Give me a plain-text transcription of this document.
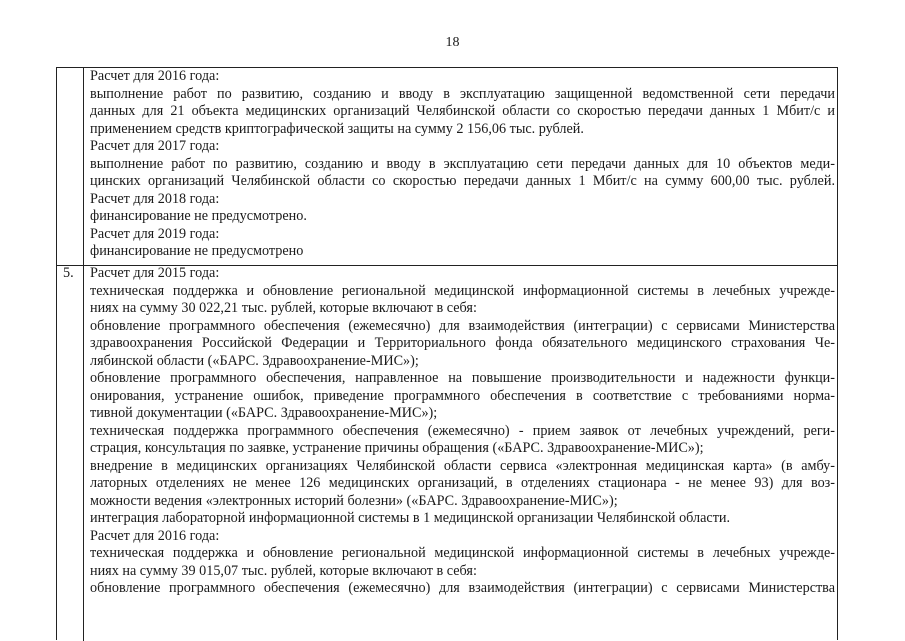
18
Расчет для 2016 года:
выполнение работ по развитию, созданию и вводу в эксплуатацию защищенной ведомственной сети передачи
данных для 21 объекта медицинских организаций Челябинской области со скоростью передачи данных 1 Мбит/с и
применением средств криптографической защиты на сумму 2 156,06 тыс. рублей.
Расчет для 2017 года:
выполнение работ по развитию, созданию и вводу в эксплуатацию сети передачи данных для 10 объектов меди-
цинских организаций Челябинской области со скоростью передачи данных 1 Мбит/с на сумму 600,00 тыс. рублей.
Расчет для 2018 года:
финансирование не предусмотрено.
Расчет для 2019 года:
финансирование не предусмотрено
5.	Расчет для 2015 года:
техническая поддержка и обновление региональной медицинской информационной системы в лечебных учрежде-
ниях на сумму 30 022,21 тыс. рублей, которые включают в себя:
обновление программного обеспечения (ежемесячно) для взаимодействия (интеграции) с сервисами Министерства
здравоохранения Российской Федерации и Территориального фонда обязательного медицинского страхования Че-
лябинской области («БАРС. Здравоохранение-МИС»);
обновление программного обеспечения, направленное на повышение производительности и надежности функци-
онирования, устранение ошибок, приведение программного обеспечения в соответствие с требованиями норма-
тивной документации («БАРС. Здравоохранение-МИС»);
техническая поддержка программного обеспечения (ежемесячно) - прием заявок от лечебных учреждений, реги-
страция, консультация по заявке, устранение причины обращения («БАРС. Здравоохранение-МИС»);
внедрение в медицинских организациях Челябинской области сервиса «электронная медицинская карта» (в амбу-
латорных отделениях не менее 126 медицинских организаций, в отделениях стационара - не менее 93) для воз-
можности ведения «электронных историй болезни» («БАРС. Здравоохранение-МИС»);
интеграция лабораторной информационной системы в 1 медицинской организации Челябинской области.
Расчет для 2016 года:
техническая поддержка и обновление региональной медицинской информационной системы в лечебных учрежде-
ниях на сумму 39 015,07 тыс. рублей, которые включают в себя:
обновление программного обеспечения (ежемесячно) для взаимодействия (интеграции) с сервисами Министерства
